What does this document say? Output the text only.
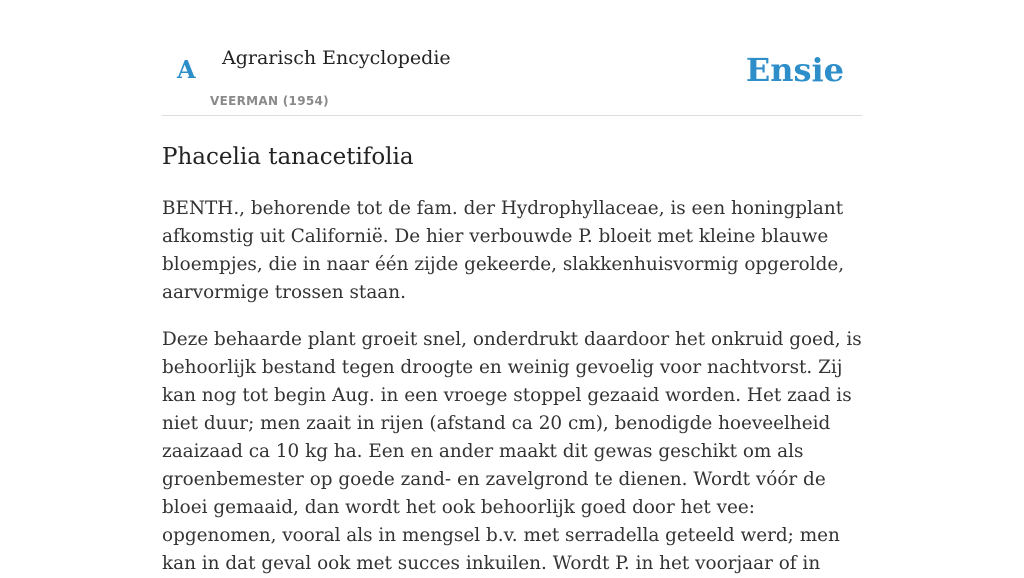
A Agrarisch Encyclopedie
VEERMAN (1954)
Ensie
Phacelia tanacetifolia

BENTH., behorende tot de fam. der Hydrophyllaceae, is een honingplant afkomstig uit Californië. De hier verbouwde P. bloeit met kleine blauwe bloempjes, die in naar één zijde gekeerde, slakkenhuisvormig opgerolde, aarvormige trossen staan.

Deze behaarde plant groeit snel, onderdrukt daardoor het onkruid goed, is behoorlijk bestand tegen droogte en weinig gevoelig voor nachtvorst. Zij kan nog tot begin Aug. in een vroege stoppel gezaaid worden. Het zaad is niet duur; men zaait in rijen (afstand ca 20 cm), benodigde hoeveelheid zaaizaad ca 10 kg ha. Een en ander maakt dit gewas geschikt om als groenbemester op goede zand- en zavelgrond te dienen. Wordt vóór de bloei gemaaid, dan wordt het ook behoorlijk goed door het vee: opgenomen, vooral als in mengsel b.v. met serradella geteeld werd; men kan in dat geval ook met succes inkuilen. Wordt P. in het voorjaar of in
